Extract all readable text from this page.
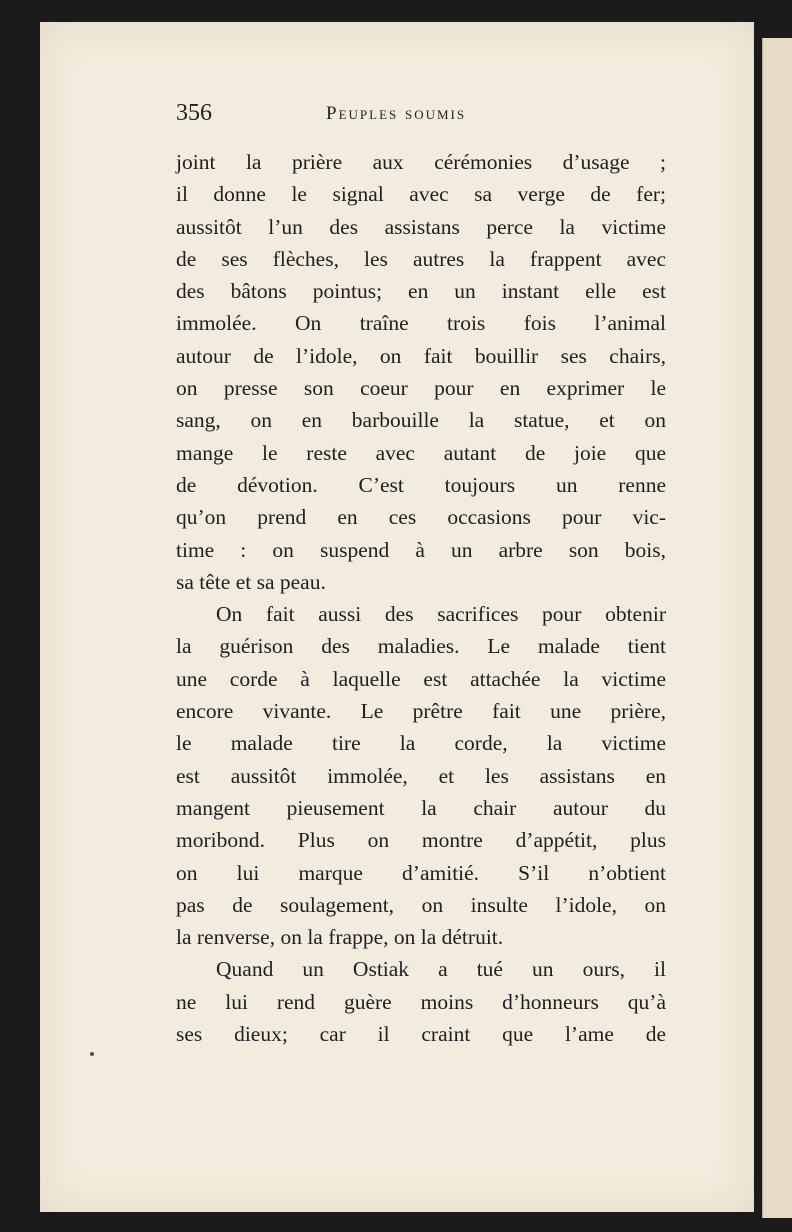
356	Peuples soumis
joint la prière aux cérémonies d’usage ;
il donne le signal avec sa verge de fer;
aussitôt l’un des assistans perce la victime
de ses flèches, les autres la frappent avec
des bâtons pointus; en un instant elle est
immolée. On traîne trois fois l’animal
autour de l’idole, on fait bouillir ses chairs,
on presse son coeur pour en exprimer le
sang, on en barbouille la statue, et on
mange le reste avec autant de joie que
de dévotion. C’est toujours un renne
qu’on prend en ces occasions pour vic-
time : on suspend à un arbre son bois,
sa tête et sa peau.
On fait aussi des sacrifices pour obtenir
la guérison des maladies. Le malade tient
une corde à laquelle est attachée la victime
encore vivante. Le prêtre fait une prière,
le malade tire la corde, la victime
est aussitôt immolée, et les assistans en
mangent pieusement la chair autour du
moribond. Plus on montre d’appétit, plus
on lui marque d’amitié. S’il n’obtient
pas de soulagement, on insulte l’idole, on
la renverse, on la frappe, on la détruit.
Quand un Ostiak a tué un ours, il
ne lui rend guère moins d’honneurs qu’à
ses dieux; car il craint que l’ame de
